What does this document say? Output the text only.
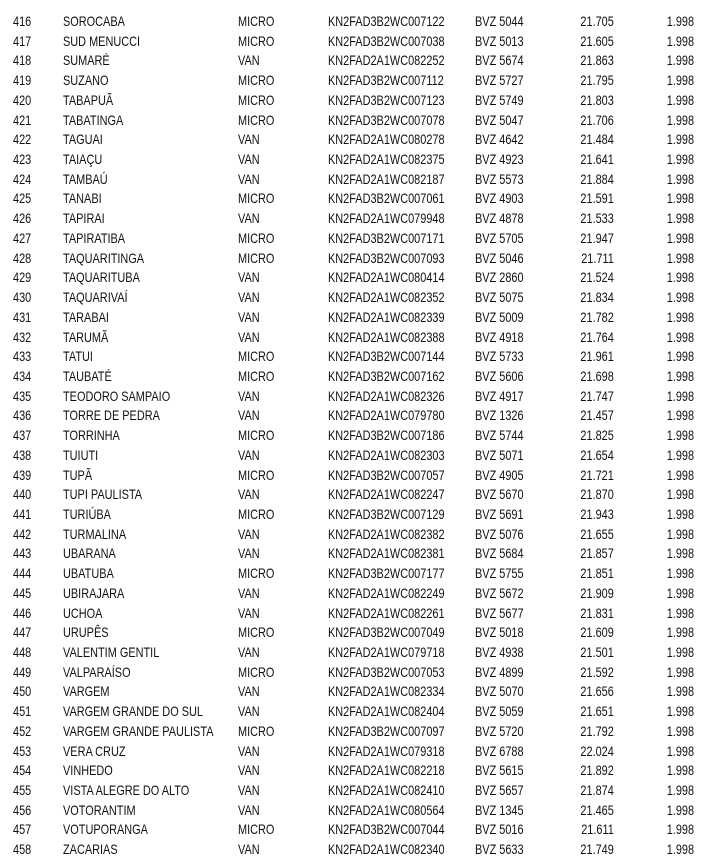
416 SOROCABA	MICRO	KN2FAD3B2WC007122 BVZ 5044	21.705	1.998
417 SUD MENUCCI	MICRO	KN2FAD3B2WC007038 BVZ 5013	21.605	1.998
418 SUMARÉ	VAN	KN2FAD2A1WC082252 BVZ 5674	21.863	1.998
419 SUZANO	MICRO	KN2FAD3B2WC007112 BVZ 5727	21.795	1.998
420 TABAPUÃ	MICRO	KN2FAD3B2WC007123 BVZ 5749	21.803	1.998
421 TABATINGA	MICRO	KN2FAD3B2WC007078 BVZ 5047	21.706	1.998
422 TAGUAI	VAN	KN2FAD2A1WC080278 BVZ 4642	21.484	1.998
423 TAIAÇU	VAN	KN2FAD2A1WC082375 BVZ 4923	21.641	1.998
424 TAMBAÚ	VAN	KN2FAD2A1WC082187 BVZ 5573	21.884	1.998
425 TANABI	MICRO	KN2FAD3B2WC007061 BVZ 4903	21.591	1.998
426 TAPIRAI	VAN	KN2FAD2A1WC079948 BVZ 4878	21.533	1.998
427 TAPIRATIBA	MICRO	KN2FAD3B2WC007171 BVZ 5705	21.947	1.998
428 TAQUARITINGA	MICRO	KN2FAD3B2WC007093 BVZ 5046	21.711	1.998
429 TAQUARITUBA	VAN	KN2FAD2A1WC080414 BVZ 2860	21.524	1.998
430 TAQUARIVAÍ	VAN	KN2FAD2A1WC082352 BVZ 5075	21.834	1.998
431 TARABAI	VAN	KN2FAD2A1WC082339 BVZ 5009	21.782	1.998
432 TARUMÃ	VAN	KN2FAD2A1WC082388 BVZ 4918	21.764	1.998
433 TATUI	MICRO	KN2FAD3B2WC007144 BVZ 5733	21.961	1.998
434 TAUBATÉ	MICRO	KN2FAD3B2WC007162 BVZ 5606	21.698	1.998
435 TEODORO SAMPAIO	VAN	KN2FAD2A1WC082326 BVZ 4917	21.747	1.998
436 TORRE DE PEDRA	VAN	KN2FAD2A1WC079780 BVZ 1326	21.457	1.998
437 TORRINHA	MICRO	KN2FAD3B2WC007186 BVZ 5744	21.825	1.998
438 TUIUTI	VAN	KN2FAD2A1WC082303 BVZ 5071	21.654	1.998
439 TUPÃ	MICRO	KN2FAD3B2WC007057 BVZ 4905	21.721	1.998
440 TUPI PAULISTA	VAN	KN2FAD2A1WC082247 BVZ 5670	21.870	1.998
441 TURIÚBA	MICRO	KN2FAD3B2WC007129 BVZ 5691	21.943	1.998
442 TURMALINA	VAN	KN2FAD2A1WC082382 BVZ 5076	21.655	1.998
443 UBARANA	VAN	KN2FAD2A1WC082381 BVZ 5684	21.857	1.998
444 UBATUBA	MICRO	KN2FAD3B2WC007177 BVZ 5755	21.851	1.998
445 UBIRAJARA	VAN	KN2FAD2A1WC082249 BVZ 5672	21.909	1.998
446 UCHOA	VAN	KN2FAD2A1WC082261 BVZ 5677	21.831	1.998
447 URUPÊS	MICRO	KN2FAD3B2WC007049 BVZ 5018	21.609	1.998
448 VALENTIM GENTIL	VAN	KN2FAD2A1WC079718 BVZ 4938	21.501	1.998
449 VALPARAÍSO	MICRO	KN2FAD3B2WC007053 BVZ 4899	21.592	1.998
450 VARGEM	VAN	KN2FAD2A1WC082334 BVZ 5070	21.656	1.998
451 VARGEM GRANDE DO SUL	VAN	KN2FAD2A1WC082404 BVZ 5059	21.651	1.998
452 VARGEM GRANDE PAULISTA MICRO	KN2FAD3B2WC007097 BVZ 5720	21.792	1.998
453 VERA CRUZ	VAN	KN2FAD2A1WC079318 BVZ 6788	22.024	1.998
454 VINHEDO	VAN	KN2FAD2A1WC082218 BVZ 5615	21.892	1.998
455 VISTA ALEGRE DO ALTO	VAN	KN2FAD2A1WC082410 BVZ 5657	21.874	1.998
456 VOTORANTIM	VAN	KN2FAD2A1WC080564 BVZ 1345	21.465	1.998
457 VOTUPORANGA	MICRO	KN2FAD3B2WC007044 BVZ 5016	21.611	1.998
458 ZACARIAS	VAN	KN2FAD2A1WC082340 BVZ 5633	21.749	1.998
